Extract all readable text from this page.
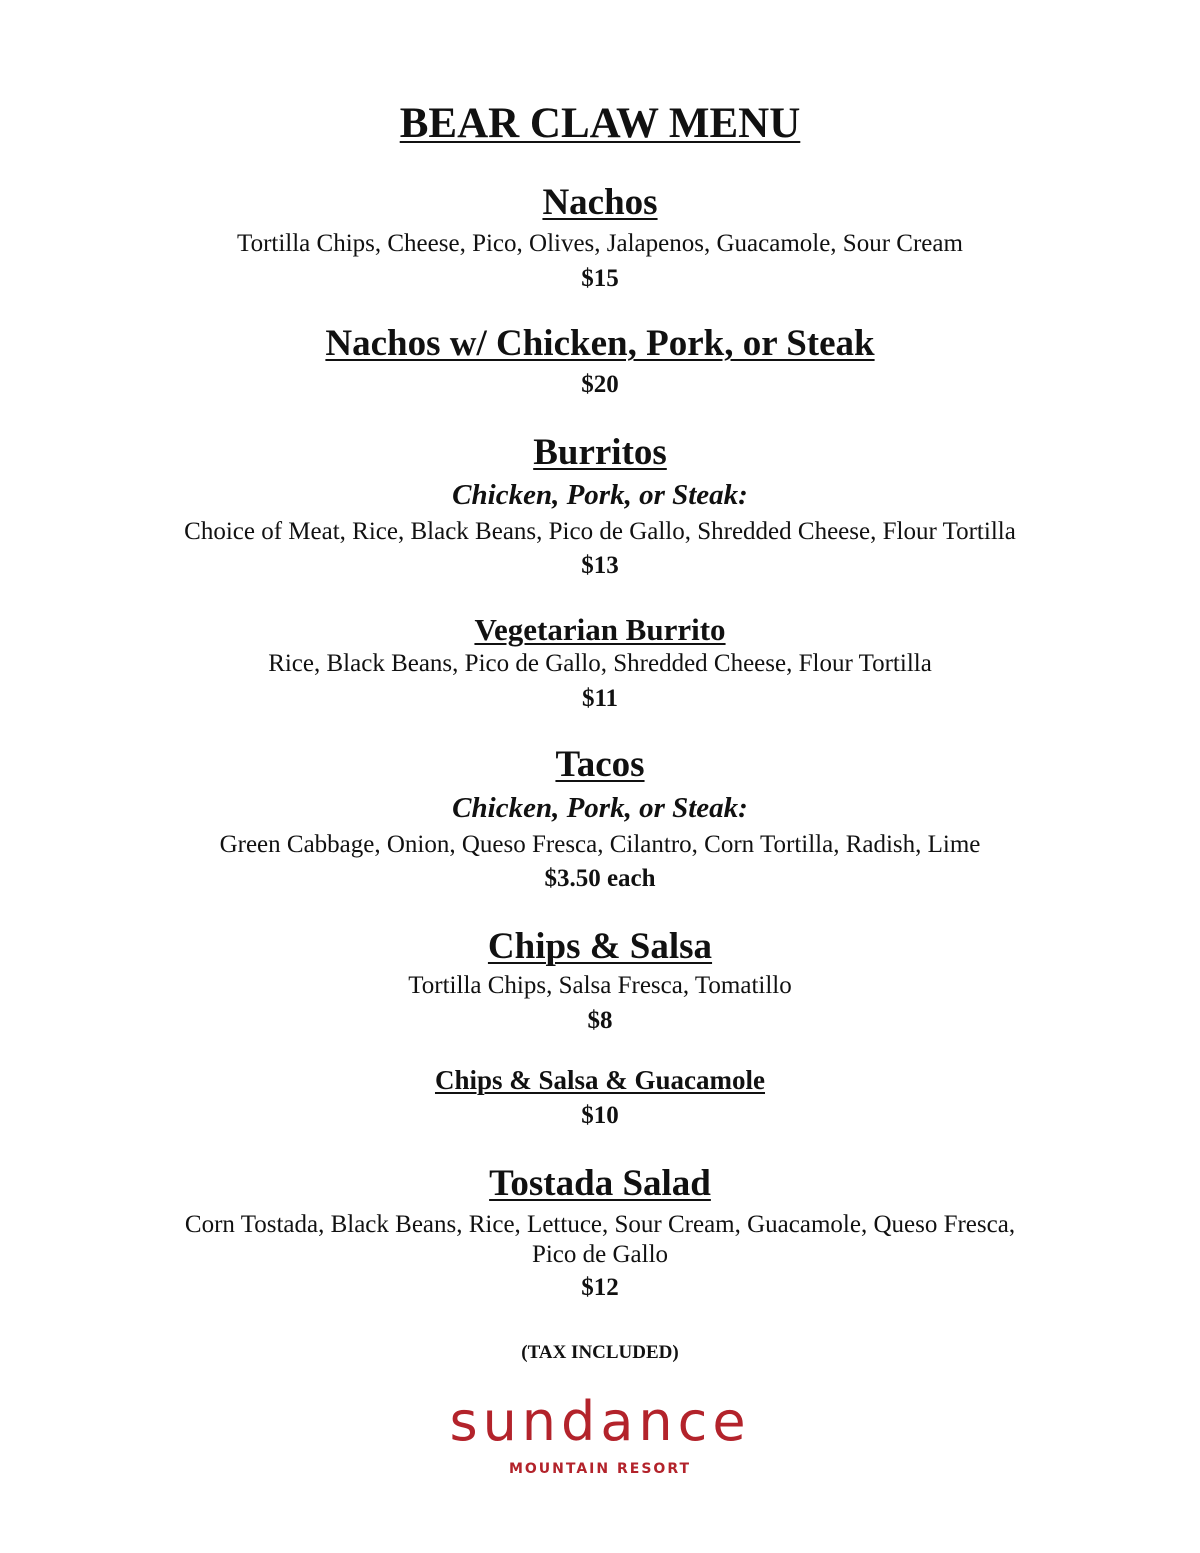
BEAR CLAW MENU
Nachos
Tortilla Chips, Cheese, Pico, Olives, Jalapenos, Guacamole, Sour Cream
$15
Nachos w/ Chicken, Pork, or Steak
$20
Burritos
Chicken, Pork, or Steak:
Choice of Meat, Rice, Black Beans, Pico de Gallo, Shredded Cheese, Flour Tortilla
$13
Vegetarian Burrito
Rice, Black Beans, Pico de Gallo, Shredded Cheese, Flour Tortilla
$11
Tacos
Chicken, Pork, or Steak:
Green Cabbage, Onion, Queso Fresca, Cilantro, Corn Tortilla, Radish, Lime
$3.50 each
Chips & Salsa
Tortilla Chips, Salsa Fresca, Tomatillo
$8
Chips & Salsa & Guacamole
$10
Tostada Salad
Corn Tostada, Black Beans, Rice, Lettuce, Sour Cream, Guacamole, Queso Fresca,
Pico de Gallo
$12
(TAX INCLUDED)
sundance
MOUNTAIN RESORT
